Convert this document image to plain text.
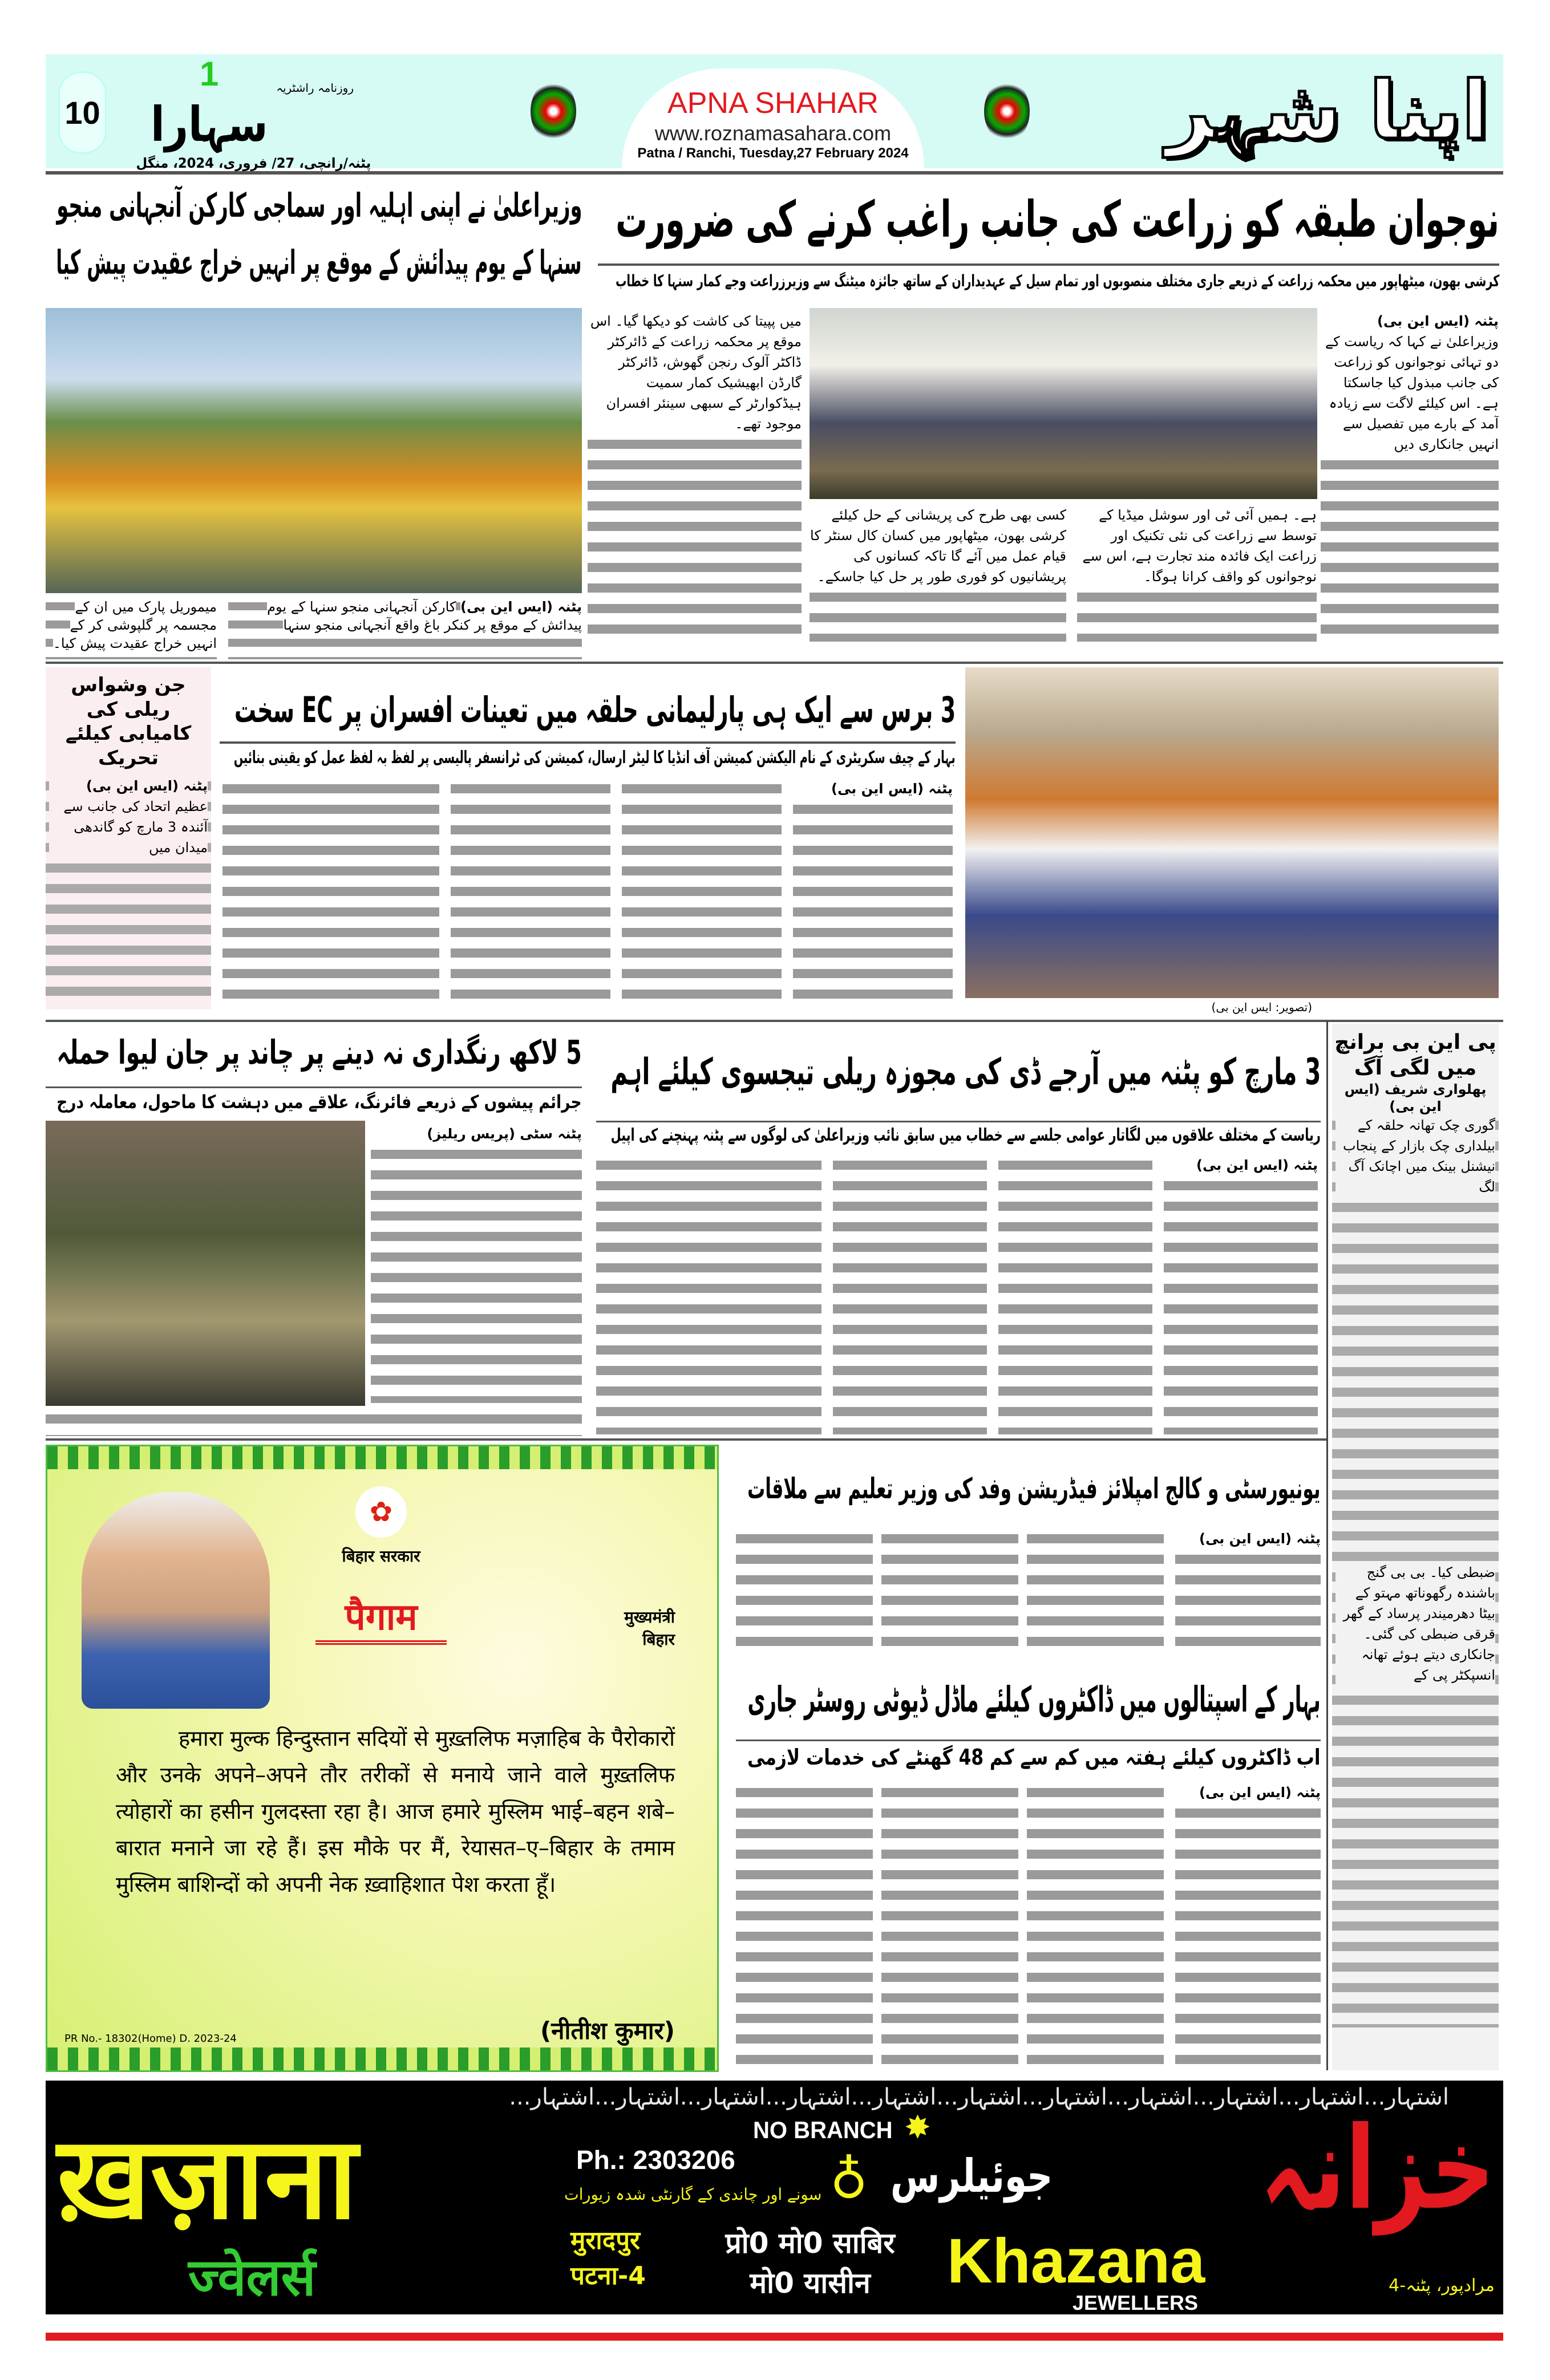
10
1	روزنامہ راشٹریہ
سہارا
پٹنہ/رانچی، 27/ فروری، 2024، منگل
APNA SHAHAR
www.roznamasahara.com
Patna / Ranchi, Tuesday,27 February 2024	اپنا شہر
نوجوان طبقہ کو زراعت کی جانب راغب کرنے کی ضرورت
کرشی بھون، میٹھاپور میں محکمہ زراعت کے ذریعے جاری مختلف منصوبوں اور تمام سیل کے عہدیداران کے ساتھ جائزہ میٹنگ سے وزیرزراعت وجے کمار سنہا کا خطاب
پٹنہ (ایس این بی)
وزیراعلیٰ نے کہا کہ ریاست کے دو تہائی نوجوانوں کو زراعت کی جانب مبذول کیا جاسکتا ہے۔ اس کیلئے لاگت سے زیادہ آمد کے بارے میں تفصیل سے انہیں جانکاری دیں
ہے۔ ہمیں آئی ٹی اور سوشل میڈیا کے توسط سے زراعت کی نئی تکنیک اور زراعت ایک فائدہ مند تجارت ہے، اس سے نوجوانوں کو واقف کرانا ہوگا۔
کسی بھی طرح کی پریشانی کے حل کیلئے کرشی بھون، میٹھاپور میں کسان کال سنٹر کا قیام عمل میں آئے گا تاکہ کسانوں کی پریشانیوں کو فوری طور پر حل کیا جاسکے۔
میں پپیتا کی کاشت کو دیکھا گیا۔ اس موقع پر محکمہ زراعت کے ڈائرکٹر ڈاکٹر آلوک رنجن گھوش، ڈائرکٹر گارڈن ابھیشیک کمار سمیت ہیڈکوارٹر کے سبھی سینئر افسران موجود تھے۔
وزیراعلیٰ نے اپنی اہلیہ اور سماجی کارکن آنجہانی منجو
سنہا کے یوم پیدائش کے موقع پر انہیں خراج عقیدت پیش کیا
میموریل پارک میں ان کے مجسمہ پر گلپوشی کر کے انہیں خراج عقیدت پیش کیا۔
پٹنہ (ایس این بی) کارکن آنجہانی منجو سنہا کے یوم پیدائش کے موقع پر کنکر باغ واقع آنجہانی منجو سنہا
جن وشواس ریلی کی کامیابی کیلئے تحریک
پٹنہ (ایس این بی)
عظیم اتحاد کی جانب سے آئندہ 3 مارچ کو گاندھی میدان میں
3 برس سے ایک ہی پارلیمانی حلقہ میں تعینات افسران پر EC سخت
بہار کے چیف سکریٹری کے نام الیکشن کمیشن آف انڈیا کا لیٹر ارسال، کمیشن کی ٹرانسفر پالیسی پر لفظ بہ لفظ عمل کو یقینی بنائیں
پٹنہ (ایس این بی)
(تصویر: ایس این بی)
5 لاکھ رنگداری نہ دینے پر چاند پر جان لیوا حملہ
جرائم پیشوں کے ذریعے فائرنگ، علاقے میں دہشت کا ماحول، معاملہ درج
پٹنہ سٹی (پریس ریلیز)
3 مارچ کو پٹنہ میں آرجے ڈی کی مجوزہ ریلی تیجسوی کیلئے اہم
ریاست کے مختلف علاقوں میں لگاتار عوامی جلسے سے خطاب میں سابق نائب وزیراعلیٰ کی لوگوں سے پٹنہ پہنچنے کی اپیل
پٹنہ (ایس این بی)
پی این بی برانچ میں لگی آگ
پھلواری شریف (ایس این بی)
گوری چک تھانہ حلقہ کے بیلداری چک بازار کے پنجاب نیشنل بینک میں اچانک آگ لگ
ضبطی کیا۔ بی بی گنج باشندہ رگھوناتھ مہتو کے بیٹا دھرمیندر پرساد کے گھر قرقی ضبطی کی گئی۔ جانکاری دیتے ہوئے تھانہ انسپکٹر پی کے
✿
बिहार सरकार
पैगाम	मुख्यमंत्री
बिहार
हमारा मुल्क हिन्दुस्तान सदियों से मुख़्तलिफ मज़ाहिब के पैरोकारों और उनके अपने–अपने तौर तरीकों से मनाये जाने वाले मुख़्तलिफ त्योहारों का हसीन गुलदस्ता रहा है। आज हमारे मुस्लिम भाई–बहन शबे–बारात मनाने जा रहे हैं। इस मौके पर मैं, रेयासत–ए–बिहार के तमाम मुस्लिम बाशिन्दों को अपनी नेक ख़्वाहिशात पेश करता हूँ।
(नीतीश कुमार)
PR No.- 18302(Home) D. 2023-24
یونیورسٹی و کالج امپلائز فیڈریشن وفد کی وزیر تعلیم سے ملاقات
پٹنہ (ایس این بی)
بہار کے اسپتالوں میں ڈاکٹروں کیلئے ماڈل ڈیوٹی روسٹر جاری
اب ڈاکٹروں کیلئے ہفتہ میں کم سے کم 48 گھنٹے کی خدمات لازمی
پٹنہ (ایس این بی)
اشتہار...اشتہار...اشتہار...اشتہار...اشتہار...اشتہار...اشتہار...اشتہار...اشتہار...اشتہار...اشتہار...
ख़ज़ाना
ज्वेलर्स
Ph.: 2303206
NO BRANCH ✸
سونے اور چاندی کے گارنٹی شدہ زیورات ♁ جوئیلرس
मुरादपुर
पटना-4
प्रो0 मो0 साबिर
मो0 यासीन	Khazana
JEWELLERS
خزانہ
مرادپور، پٹنہ-4
